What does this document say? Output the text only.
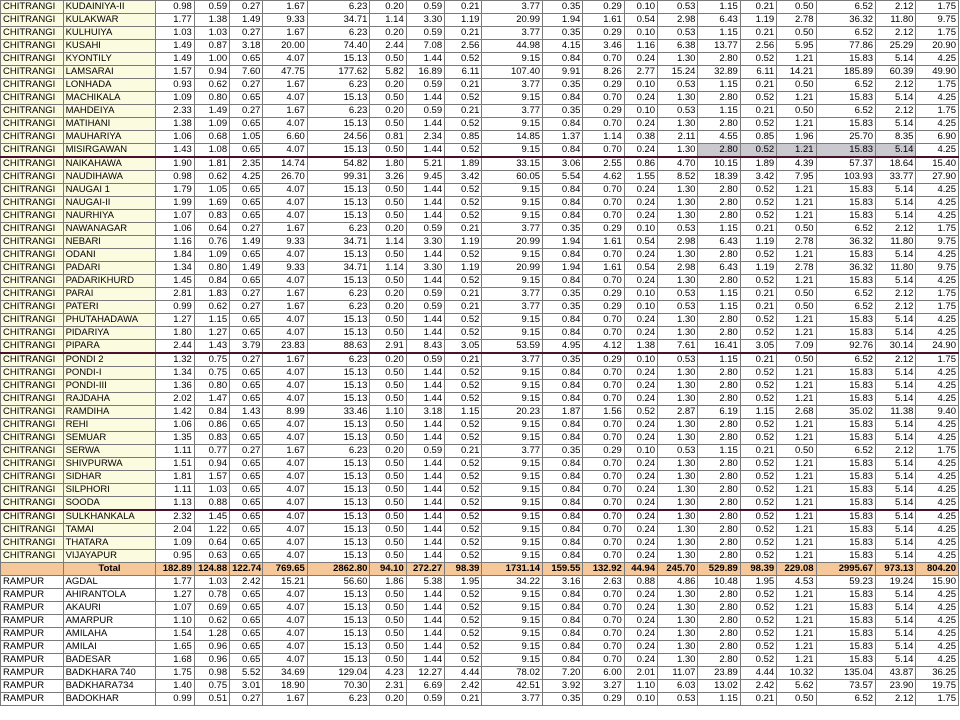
CHITRANGI	KUDAINIYA-II	0.98	0.59	0.27	1.67	6.23	0.20	0.59	0.21	3.77	0.35	0.29	0.10	0.53	1.15	0.21	0.50	6.52	2.12	1.75
CHITRANGI	KULAKWAR	1.77	1.38	1.49	9.33	34.71	1.14	3.30	1.19	20.99	1.94	1.61	0.54	2.98	6.43	1.19	2.78	36.32	11.80	9.75
CHITRANGI	KULHUIYA	1.03	1.03	0.27	1.67	6.23	0.20	0.59	0.21	3.77	0.35	0.29	0.10	0.53	1.15	0.21	0.50	6.52	2.12	1.75
CHITRANGI	KUSAHI	1.49	0.87	3.18	20.00	74.40	2.44	7.08	2.56	44.98	4.15	3.46	1.16	6.38	13.77	2.56	5.95	77.86	25.29	20.90
CHITRANGI	KYONTILY	1.49	1.00	0.65	4.07	15.13	0.50	1.44	0.52	9.15	0.84	0.70	0.24	1.30	2.80	0.52	1.21	15.83	5.14	4.25
CHITRANGI	LAMSARAI	1.57	0.94	7.60	47.75	177.62	5.82	16.89	6.11	107.40	9.91	8.26	2.77	15.24	32.89	6.11	14.21	185.89	60.39	49.90
CHITRANGI	LONHADA	0.93	0.62	0.27	1.67	6.23	0.20	0.59	0.21	3.77	0.35	0.29	0.10	0.53	1.15	0.21	0.50	6.52	2.12	1.75
CHITRANGI	MACHIKALA	1.09	0.80	0.65	4.07	15.13	0.50	1.44	0.52	9.15	0.84	0.70	0.24	1.30	2.80	0.52	1.21	15.83	5.14	4.25
CHITRANGI	MAHDEIYA	2.33	1.49	0.27	1.67	6.23	0.20	0.59	0.21	3.77	0.35	0.29	0.10	0.53	1.15	0.21	0.50	6.52	2.12	1.75
CHITRANGI	MATIHANI	1.38	1.09	0.65	4.07	15.13	0.50	1.44	0.52	9.15	0.84	0.70	0.24	1.30	2.80	0.52	1.21	15.83	5.14	4.25
CHITRANGI	MAUHARIYA	1.06	0.68	1.05	6.60	24.56	0.81	2.34	0.85	14.85	1.37	1.14	0.38	2.11	4.55	0.85	1.96	25.70	8.35	6.90
CHITRANGI	MISIRGAWAN	1.43	1.08	0.65	4.07	15.13	0.50	1.44	0.52	9.15	0.84	0.70	0.24	1.30	2.80	0.52	1.21	15.83	5.14	4.25
CHITRANGI	NAIKAHAWA	1.90	1.81	2.35	14.74	54.82	1.80	5.21	1.89	33.15	3.06	2.55	0.86	4.70	10.15	1.89	4.39	57.37	18.64	15.40
CHITRANGI	NAUDIHAWA	0.98	0.62	4.25	26.70	99.31	3.26	9.45	3.42	60.05	5.54	4.62	1.55	8.52	18.39	3.42	7.95	103.93	33.77	27.90
CHITRANGI	NAUGAI 1	1.79	1.05	0.65	4.07	15.13	0.50	1.44	0.52	9.15	0.84	0.70	0.24	1.30	2.80	0.52	1.21	15.83	5.14	4.25
CHITRANGI	NAUGAI-II	1.99	1.69	0.65	4.07	15.13	0.50	1.44	0.52	9.15	0.84	0.70	0.24	1.30	2.80	0.52	1.21	15.83	5.14	4.25
CHITRANGI	NAURHIYA	1.07	0.83	0.65	4.07	15.13	0.50	1.44	0.52	9.15	0.84	0.70	0.24	1.30	2.80	0.52	1.21	15.83	5.14	4.25
CHITRANGI	NAWANAGAR	1.06	0.64	0.27	1.67	6.23	0.20	0.59	0.21	3.77	0.35	0.29	0.10	0.53	1.15	0.21	0.50	6.52	2.12	1.75
CHITRANGI	NEBARI	1.16	0.76	1.49	9.33	34.71	1.14	3.30	1.19	20.99	1.94	1.61	0.54	2.98	6.43	1.19	2.78	36.32	11.80	9.75
CHITRANGI	ODANI	1.84	1.09	0.65	4.07	15.13	0.50	1.44	0.52	9.15	0.84	0.70	0.24	1.30	2.80	0.52	1.21	15.83	5.14	4.25
CHITRANGI	PADARI	1.34	0.80	1.49	9.33	34.71	1.14	3.30	1.19	20.99	1.94	1.61	0.54	2.98	6.43	1.19	2.78	36.32	11.80	9.75
CHITRANGI	PADARIKHURD	1.45	0.84	0.65	4.07	15.13	0.50	1.44	0.52	9.15	0.84	0.70	0.24	1.30	2.80	0.52	1.21	15.83	5.14	4.25
CHITRANGI	PARAI	2.81	1.83	0.27	1.67	6.23	0.20	0.59	0.21	3.77	0.35	0.29	0.10	0.53	1.15	0.21	0.50	6.52	2.12	1.75
CHITRANGI	PATERI	0.99	0.62	0.27	1.67	6.23	0.20	0.59	0.21	3.77	0.35	0.29	0.10	0.53	1.15	0.21	0.50	6.52	2.12	1.75
CHITRANGI	PHUTAHADAWA	1.27	1.15	0.65	4.07	15.13	0.50	1.44	0.52	9.15	0.84	0.70	0.24	1.30	2.80	0.52	1.21	15.83	5.14	4.25
CHITRANGI	PIDARIYA	1.80	1.27	0.65	4.07	15.13	0.50	1.44	0.52	9.15	0.84	0.70	0.24	1.30	2.80	0.52	1.21	15.83	5.14	4.25
CHITRANGI	PIPARA	2.44	1.43	3.79	23.83	88.63	2.91	8.43	3.05	53.59	4.95	4.12	1.38	7.61	16.41	3.05	7.09	92.76	30.14	24.90
CHITRANGI	PONDI 2	1.32	0.75	0.27	1.67	6.23	0.20	0.59	0.21	3.77	0.35	0.29	0.10	0.53	1.15	0.21	0.50	6.52	2.12	1.75
CHITRANGI	PONDI-I	1.34	0.75	0.65	4.07	15.13	0.50	1.44	0.52	9.15	0.84	0.70	0.24	1.30	2.80	0.52	1.21	15.83	5.14	4.25
CHITRANGI	PONDI-III	1.36	0.80	0.65	4.07	15.13	0.50	1.44	0.52	9.15	0.84	0.70	0.24	1.30	2.80	0.52	1.21	15.83	5.14	4.25
CHITRANGI	RAJDAHA	2.02	1.47	0.65	4.07	15.13	0.50	1.44	0.52	9.15	0.84	0.70	0.24	1.30	2.80	0.52	1.21	15.83	5.14	4.25
CHITRANGI	RAMDIHA	1.42	0.84	1.43	8.99	33.46	1.10	3.18	1.15	20.23	1.87	1.56	0.52	2.87	6.19	1.15	2.68	35.02	11.38	9.40
CHITRANGI	REHI	1.06	0.86	0.65	4.07	15.13	0.50	1.44	0.52	9.15	0.84	0.70	0.24	1.30	2.80	0.52	1.21	15.83	5.14	4.25
CHITRANGI	SEMUAR	1.35	0.83	0.65	4.07	15.13	0.50	1.44	0.52	9.15	0.84	0.70	0.24	1.30	2.80	0.52	1.21	15.83	5.14	4.25
CHITRANGI	SERWA	1.11	0.77	0.27	1.67	6.23	0.20	0.59	0.21	3.77	0.35	0.29	0.10	0.53	1.15	0.21	0.50	6.52	2.12	1.75
CHITRANGI	SHIVPURWA	1.51	0.94	0.65	4.07	15.13	0.50	1.44	0.52	9.15	0.84	0.70	0.24	1.30	2.80	0.52	1.21	15.83	5.14	4.25
CHITRANGI	SIDHAR	1.81	1.57	0.65	4.07	15.13	0.50	1.44	0.52	9.15	0.84	0.70	0.24	1.30	2.80	0.52	1.21	15.83	5.14	4.25
CHITRANGI	SILPHORI	1.11	1.03	0.65	4.07	15.13	0.50	1.44	0.52	9.15	0.84	0.70	0.24	1.30	2.80	0.52	1.21	15.83	5.14	4.25
CHITRANGI	SOODA	1.13	0.88	0.65	4.07	15.13	0.50	1.44	0.52	9.15	0.84	0.70	0.24	1.30	2.80	0.52	1.21	15.83	5.14	4.25
CHITRANGI	SULKHANKALA	2.32	1.45	0.65	4.07	15.13	0.50	1.44	0.52	9.15	0.84	0.70	0.24	1.30	2.80	0.52	1.21	15.83	5.14	4.25
CHITRANGI	TAMAI	2.04	1.22	0.65	4.07	15.13	0.50	1.44	0.52	9.15	0.84	0.70	0.24	1.30	2.80	0.52	1.21	15.83	5.14	4.25
CHITRANGI	THATARA	1.09	0.64	0.65	4.07	15.13	0.50	1.44	0.52	9.15	0.84	0.70	0.24	1.30	2.80	0.52	1.21	15.83	5.14	4.25
CHITRANGI	VIJAYAPUR	0.95	0.63	0.65	4.07	15.13	0.50	1.44	0.52	9.15	0.84	0.70	0.24	1.30	2.80	0.52	1.21	15.83	5.14	4.25
	Total	182.89	124.88	122.74	769.65	2862.80	94.10	272.27	98.39	1731.14	159.55	132.92	44.94	245.70	529.89	98.39	229.08	2995.67	973.13	804.20
RAMPUR	AGDAL	1.77	1.03	2.42	15.21	56.60	1.86	5.38	1.95	34.22	3.16	2.63	0.88	4.86	10.48	1.95	4.53	59.23	19.24	15.90
RAMPUR	AHIRANTOLA	1.27	0.78	0.65	4.07	15.13	0.50	1.44	0.52	9.15	0.84	0.70	0.24	1.30	2.80	0.52	1.21	15.83	5.14	4.25
RAMPUR	AKAURI	1.07	0.69	0.65	4.07	15.13	0.50	1.44	0.52	9.15	0.84	0.70	0.24	1.30	2.80	0.52	1.21	15.83	5.14	4.25
RAMPUR	AMARPUR	1.10	0.62	0.65	4.07	15.13	0.50	1.44	0.52	9.15	0.84	0.70	0.24	1.30	2.80	0.52	1.21	15.83	5.14	4.25
RAMPUR	AMILAHA	1.54	1.28	0.65	4.07	15.13	0.50	1.44	0.52	9.15	0.84	0.70	0.24	1.30	2.80	0.52	1.21	15.83	5.14	4.25
RAMPUR	AMILAI	1.65	0.96	0.65	4.07	15.13	0.50	1.44	0.52	9.15	0.84	0.70	0.24	1.30	2.80	0.52	1.21	15.83	5.14	4.25
RAMPUR	BADESAR	1.68	0.96	0.65	4.07	15.13	0.50	1.44	0.52	9.15	0.84	0.70	0.24	1.30	2.80	0.52	1.21	15.83	5.14	4.25
RAMPUR	BADKHARA 740	1.75	0.98	5.52	34.69	129.04	4.23	12.27	4.44	78.02	7.20	6.00	2.01	11.07	23.89	4.44	10.32	135.04	43.87	36.25
RAMPUR	BADKHARA734	1.40	0.75	3.01	18.90	70.30	2.31	6.69	2.42	42.51	3.92	3.27	1.10	6.03	13.02	2.42	5.62	73.57	23.90	19.75
RAMPUR	BADOKHAR	0.99	0.51	0.27	1.67	6.23	0.20	0.59	0.21	3.77	0.35	0.29	0.10	0.53	1.15	0.21	0.50	6.52	2.12	1.75
